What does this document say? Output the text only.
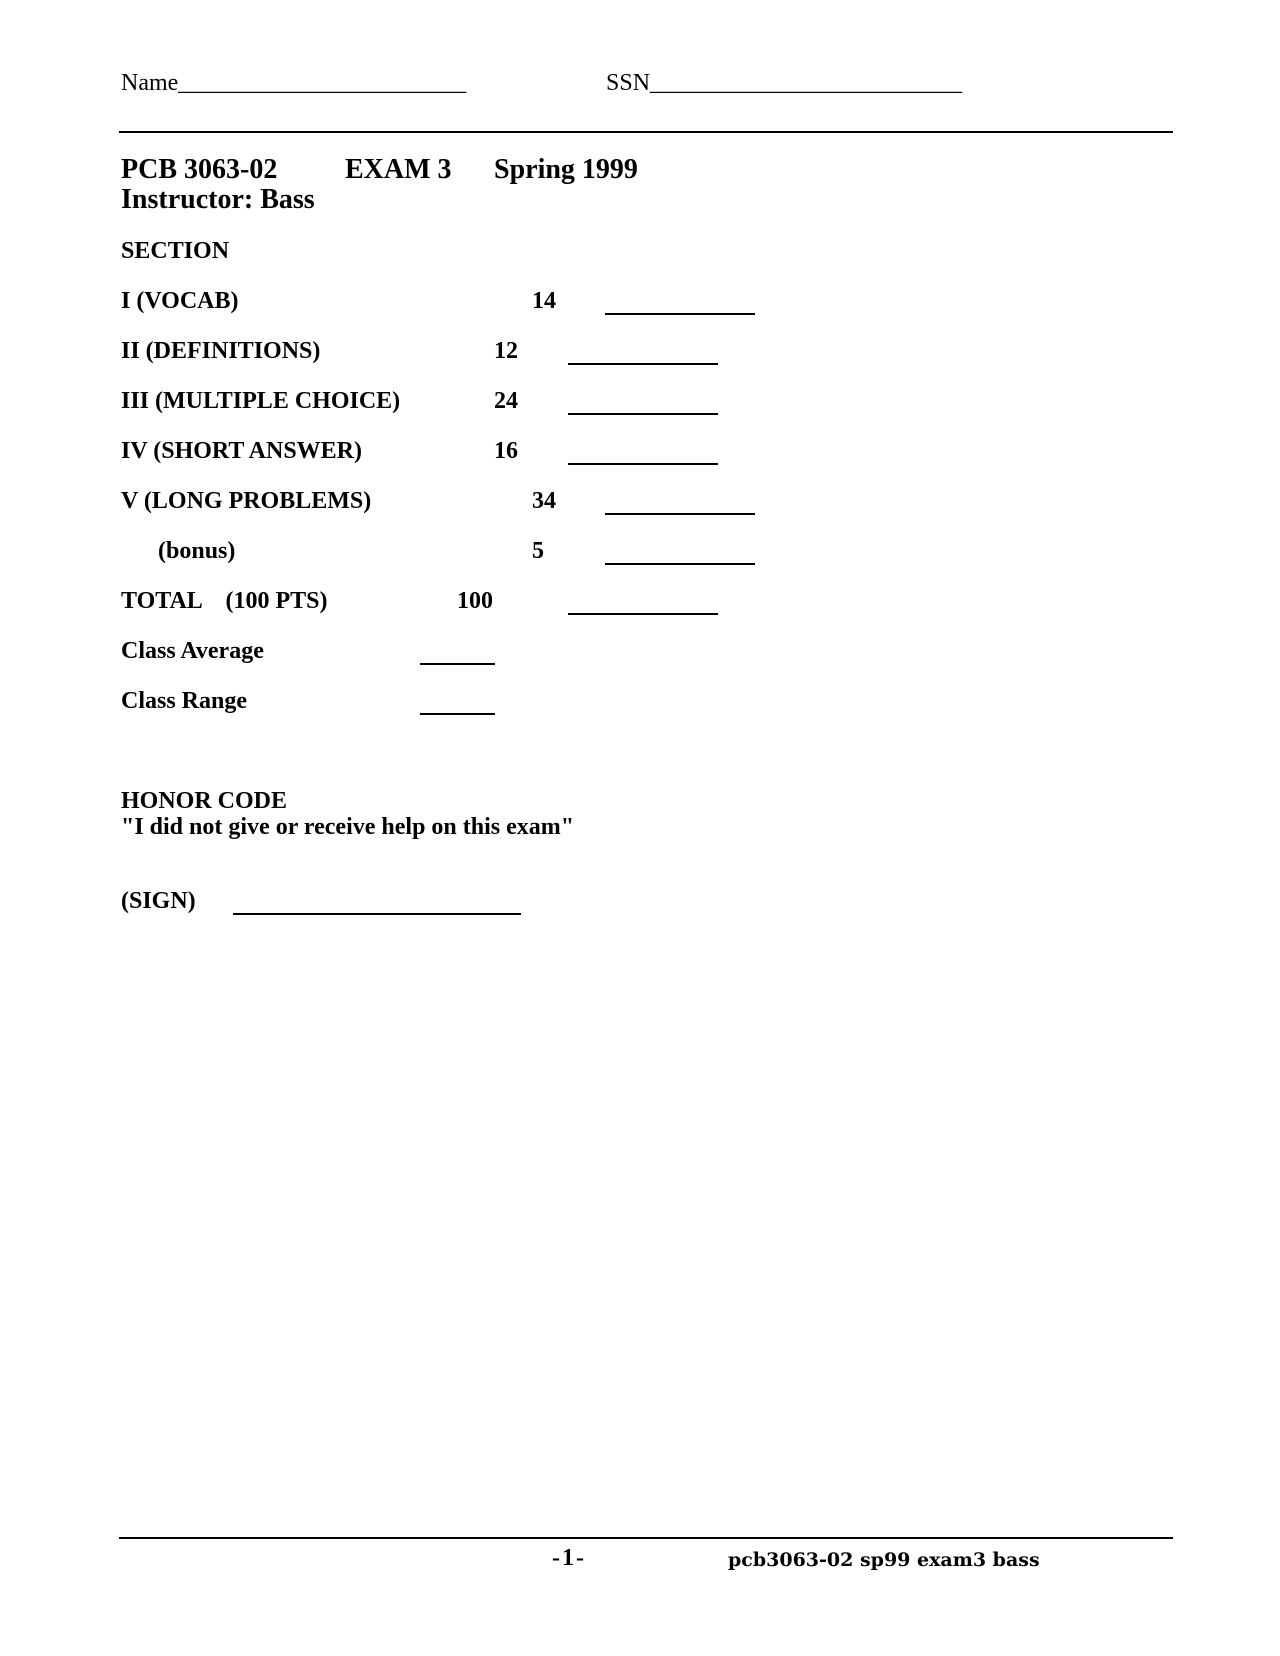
Name________________________	SSN__________________________
PCB 3063-02 EXAM 3 Spring 1999
Instructor: Bass
SECTION
I (VOCAB)	14
II (DEFINITIONS)	12
III (MULTIPLE CHOICE)	24
IV (SHORT ANSWER)	16
V (LONG PROBLEMS)	34
(bonus)	5
TOTAL    (100 PTS)	100
Class Average
Class Range
HONOR CODE
"I did not give or receive help on this exam"
(SIGN)
-1-	pcb3063-02 sp99 exam3 bass
